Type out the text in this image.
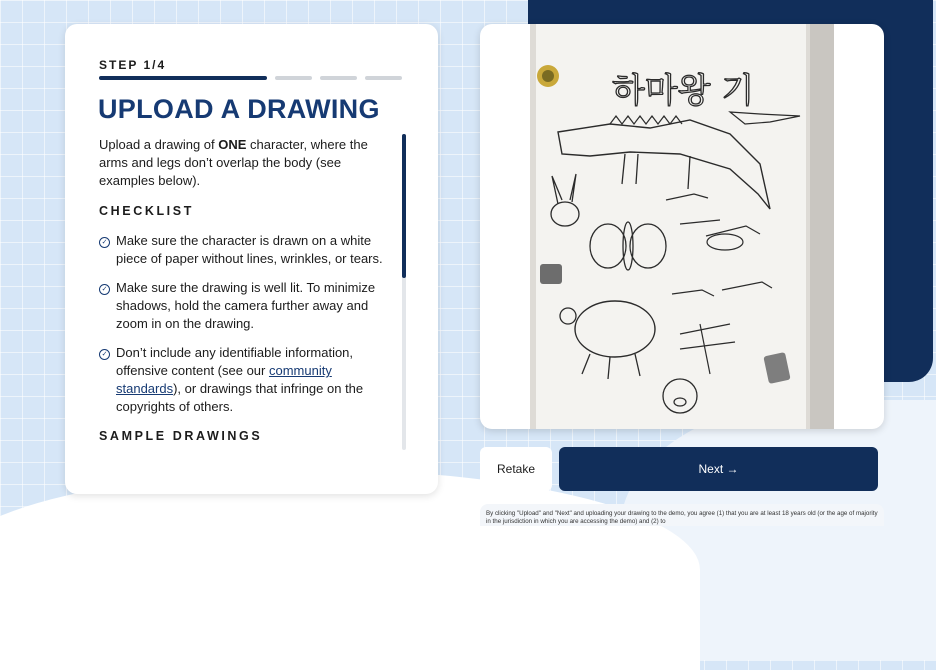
STEP 1/4
UPLOAD A DRAWING

Upload a drawing of ONE character, where the arms and legs don’t overlap the body (see examples below).

CHECKLIST
✓ Make sure the character is drawn on a white piece of paper without lines, wrinkles, or tears.
✓ Make sure the drawing is well lit. To minimize shadows, hold the camera further away and zoom in on the drawing.
✓ Don’t include any identifiable information, offensive content (see our community standards), or drawings that infringe on the copyrights of others.
SAMPLE DRAWINGS
하마왕 기
Retake	Next →
By clicking "Upload" and "Next" and uploading your drawing to the demo, you agree (1) that you are at least 18 years old (or the age of majority in the jurisdiction in which you are accessing the demo) and (2) to
